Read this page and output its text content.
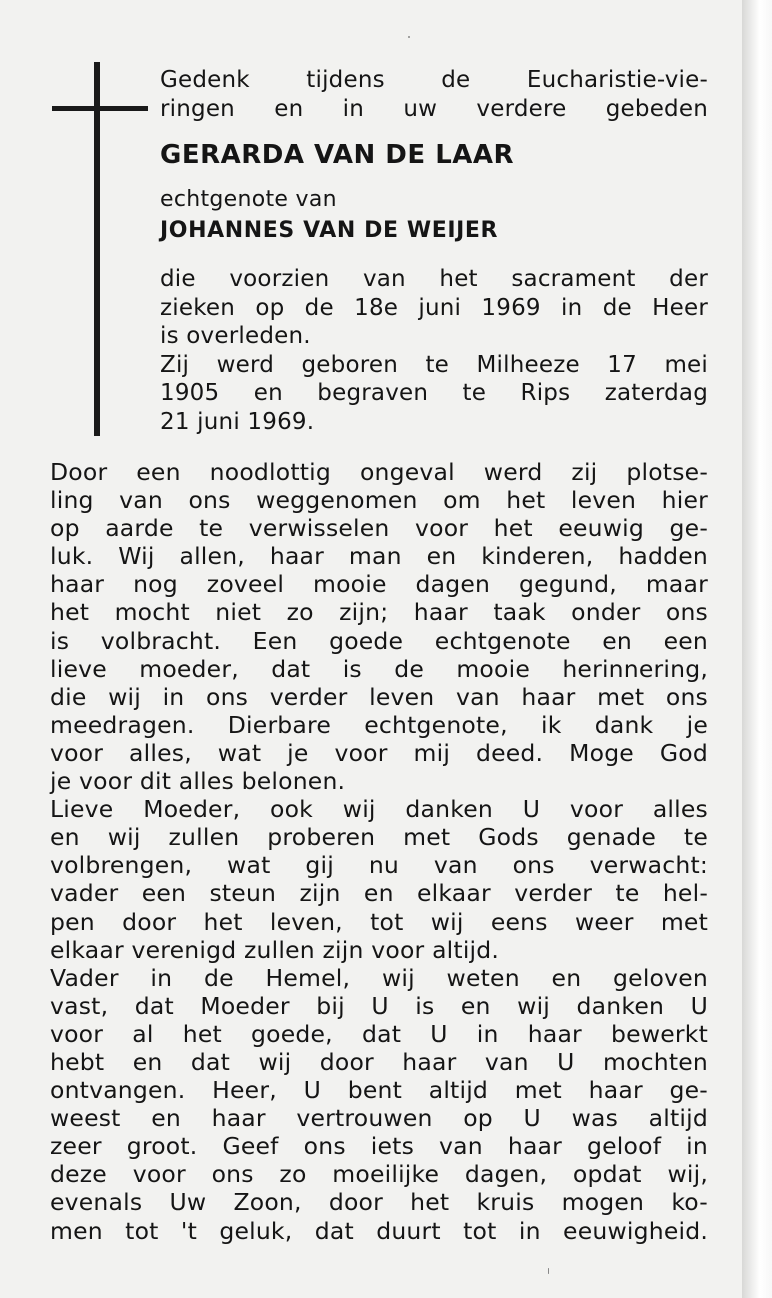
Gedenk tijdens de Eucharistie-vie-
ringen en in uw verdere gebeden
GERARDA VAN DE LAAR
echtgenote van
JOHANNES VAN DE WEIJER
die voorzien van het sacrament der
zieken op de 18e juni 1969 in de Heer
is overleden.
Zij werd geboren te Milheeze 17 mei
1905 en begraven te Rips zaterdag
21 juni 1969.
Door een noodlottig ongeval werd zij plotse-
ling van ons weggenomen om het leven hier
op aarde te verwisselen voor het eeuwig ge-
luk. Wij allen, haar man en kinderen, hadden
haar nog zoveel mooie dagen gegund, maar
het mocht niet zo zijn; haar taak onder ons
is volbracht. Een goede echtgenote en een
lieve moeder, dat is de mooie herinnering,
die wij in ons verder leven van haar met ons
meedragen. Dierbare echtgenote, ik dank je
voor alles, wat je voor mij deed. Moge God
je voor dit alles belonen.
Lieve Moeder, ook wij danken U voor alles
en wij zullen proberen met Gods genade te
volbrengen, wat gij nu van ons verwacht:
vader een steun zijn en elkaar verder te hel-
pen door het leven, tot wij eens weer met
elkaar verenigd zullen zijn voor altijd.
Vader in de Hemel, wij weten en geloven
vast, dat Moeder bij U is en wij danken U
voor al het goede, dat U in haar bewerkt
hebt en dat wij door haar van U mochten
ontvangen. Heer, U bent altijd met haar ge-
weest en haar vertrouwen op U was altijd
zeer groot. Geef ons iets van haar geloof in
deze voor ons zo moeilijke dagen, opdat wij,
evenals Uw Zoon, door het kruis mogen ko-
men tot 't geluk, dat duurt tot in eeuwigheid.
